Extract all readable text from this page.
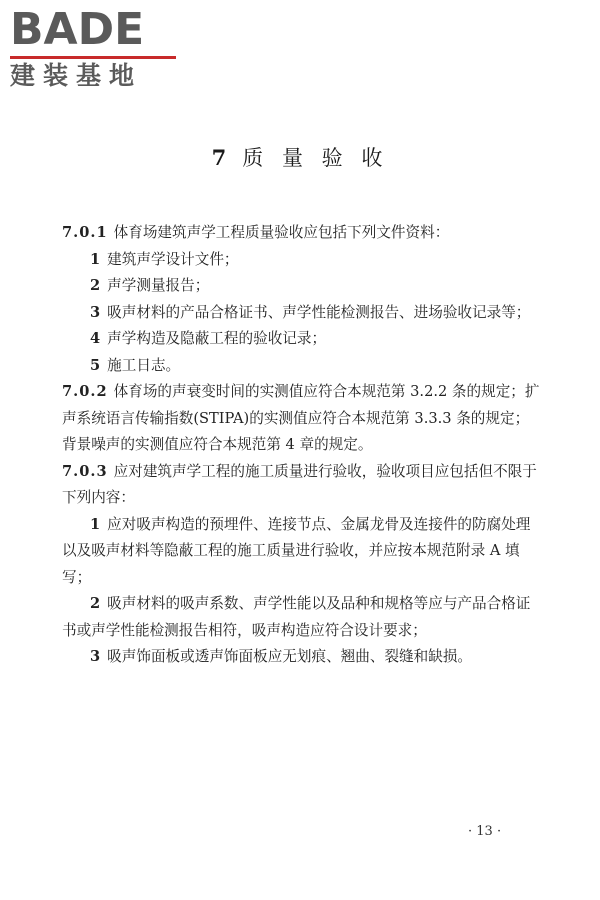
BADE
建装基地
7 质 量 验 收

7.0.1 体育场建筑声学工程质量验收应包括下列文件资料：

1 建筑声学设计文件；

2 声学测量报告；

3 吸声材料的产品合格证书、声学性能检测报告、进场验收记录等；

4 声学构造及隐蔽工程的验收记录；

5 施工日志。

7.0.2 体育场的声衰变时间的实测值应符合本规范第 3.2.2 条的规定；扩声系统语言传输指数(STIPA)的实测值应符合本规范第 3.3.3 条的规定；背景噪声的实测值应符合本规范第 4 章的规定。

7.0.3 应对建筑声学工程的施工质量进行验收，验收项目应包括但不限于下列内容：

1 应对吸声构造的预埋件、连接节点、金属龙骨及连接件的防腐处理以及吸声材料等隐蔽工程的施工质量进行验收，并应按本规范附录 A 填写；

2 吸声材料的吸声系数、声学性能以及品种和规格等应与产品合格证书或声学性能检测报告相符，吸声构造应符合设计要求；

3 吸声饰面板或透声饰面板应无划痕、翘曲、裂缝和缺损。

· 13 ·
